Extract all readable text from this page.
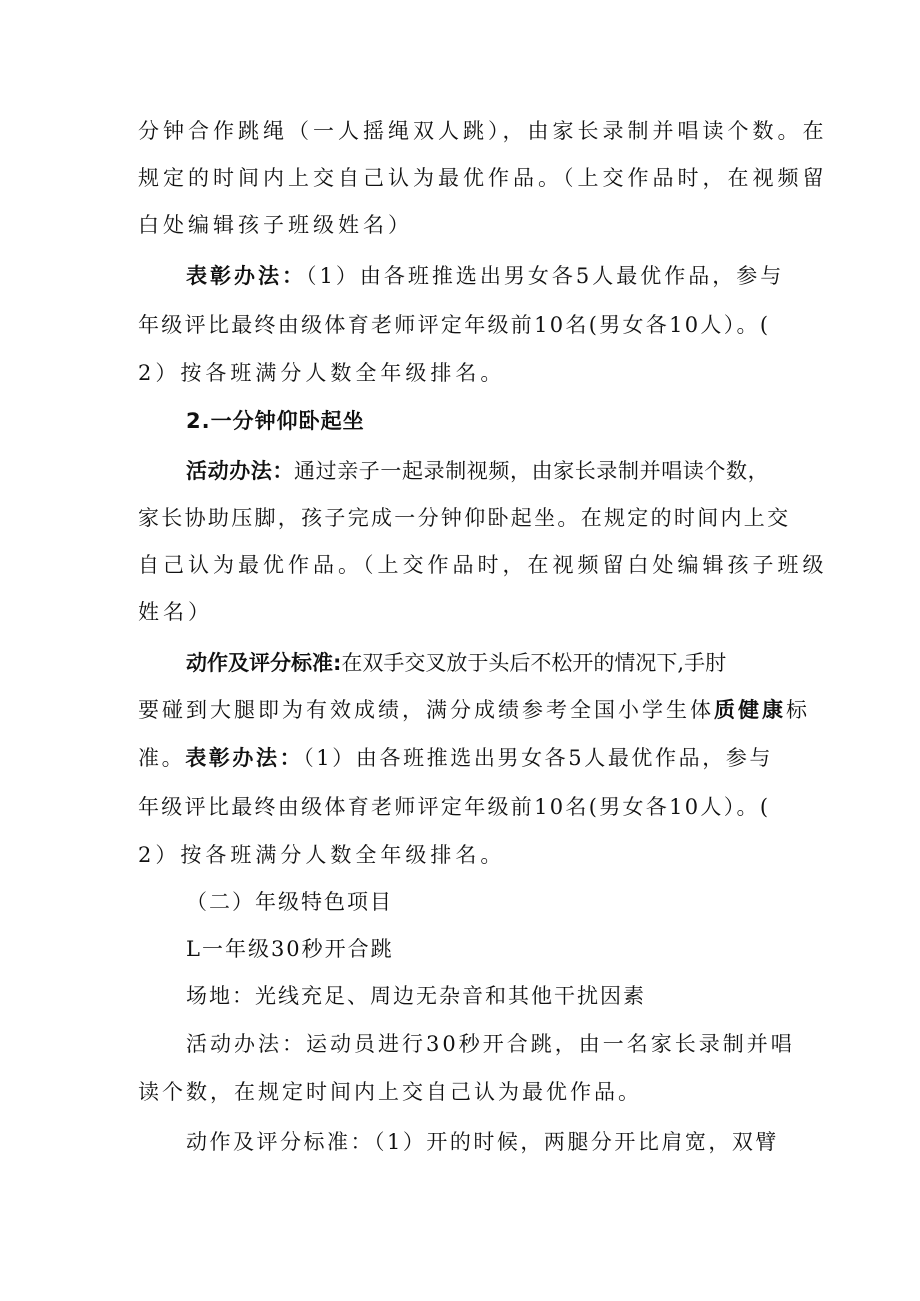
分钟合作跳绳（一人摇绳双人跳），由家长录制并唱读个数。在
规定的时间内上交自己认为最优作品。（上交作品时，在视频留
白处编辑孩子班级姓名）
表彰办法：（1）由各班推选出男女各5人最优作品，参与
年级评比最终由级体育老师评定年级前10名(男女各10人）。(
2）按各班满分人数全年级排名。
2.一分钟仰卧起坐
活动办法：通过亲子一起录制视频，由家长录制并唱读个数，
家长协助压脚，孩子完成一分钟仰卧起坐。在规定的时间内上交
自己认为最优作品。（上交作品时，在视频留白处编辑孩子班级
姓名）
动作及评分标准:在双手交叉放于头后不松开的情况下,手肘
要碰到大腿即为有效成绩，满分成绩参考全国小学生体质健康标
准。表彰办法：（1）由各班推选出男女各5人最优作品，参与
年级评比最终由级体育老师评定年级前10名(男女各10人）。(
2）按各班满分人数全年级排名。
（二）年级特色项目
L一年级30秒开合跳
场地：光线充足、周边无杂音和其他干扰因素
活动办法：运动员进行30秒开合跳，由一名家长录制并唱
读个数，在规定时间内上交自己认为最优作品。
动作及评分标准：（1）开的时候，两腿分开比肩宽，双臂
